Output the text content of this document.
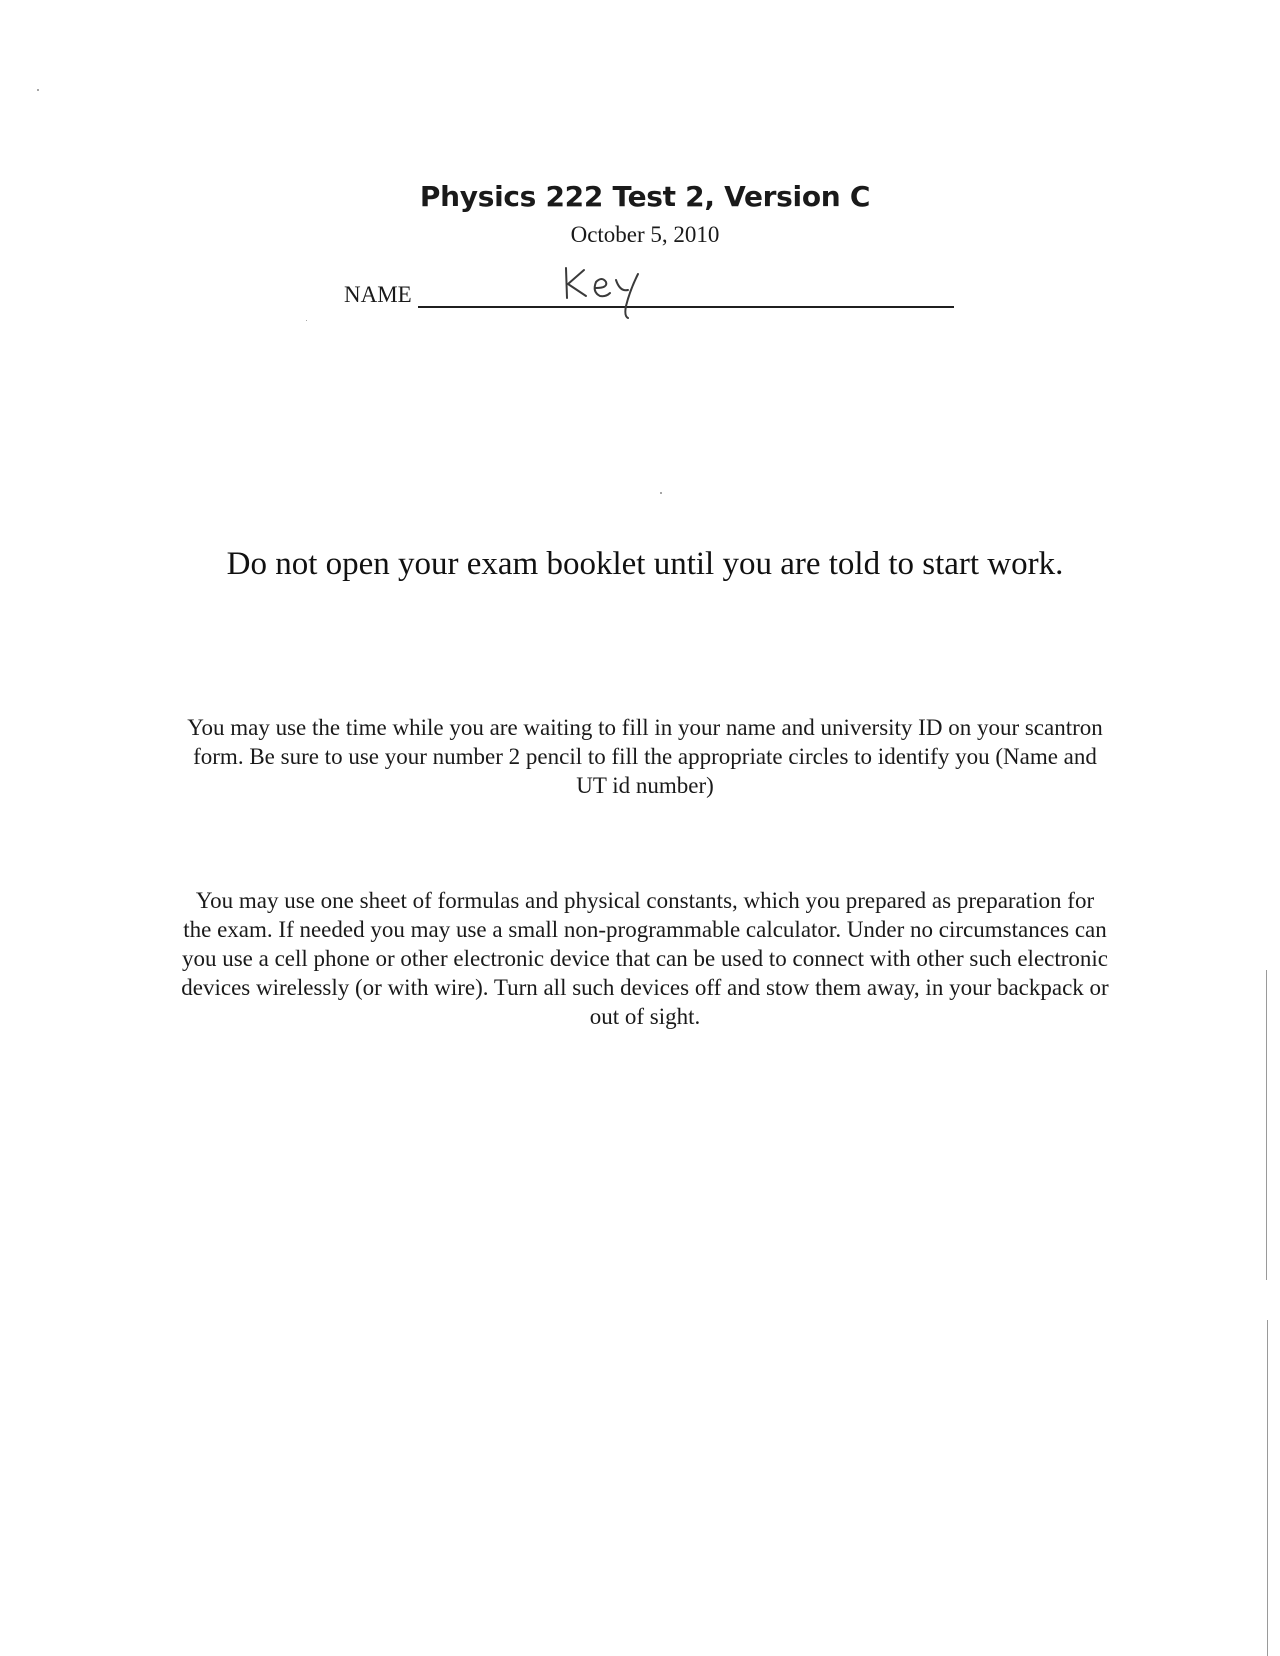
Physics 222 Test 2, Version C
October 5, 2010
NAME
Do not open your exam booklet until you are told to start work.
You may use the time while you are waiting to fill in your name and university ID on your scantron form. Be sure to use your number 2 pencil to fill the appropriate circles to identify you (Name and UT id number)
You may use one sheet of formulas and physical constants, which you prepared as preparation for the exam. If needed you may use a small non-programmable calculator. Under no circumstances can you use a cell phone or other electronic device that can be used to connect with other such electronic devices wirelessly (or with wire). Turn all such devices off and stow them away, in your backpack or out of sight.
